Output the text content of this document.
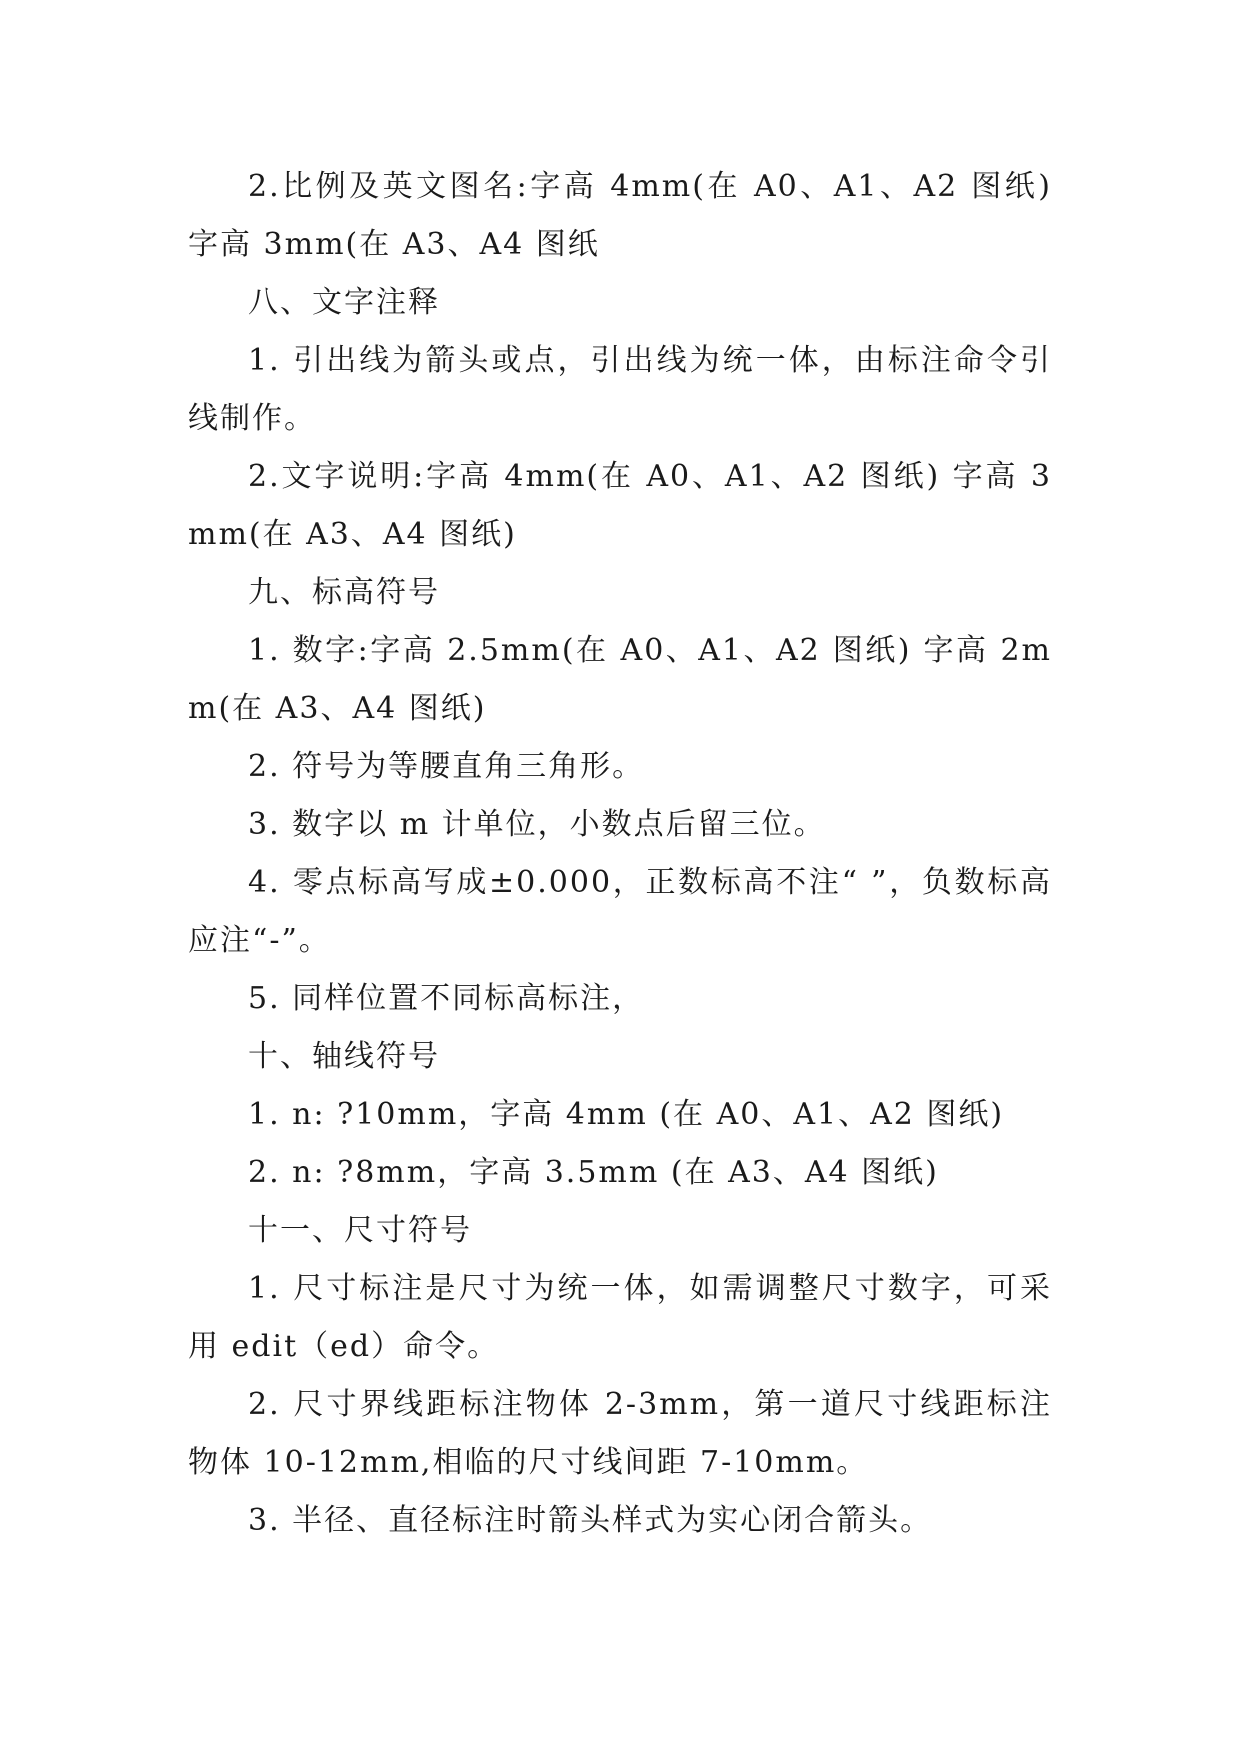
2.比例及英文图名:字高 4mm(在 A0、A1、A2 图纸) 字高 3mm(在 A3、A4 图纸

八、文字注释

1. 引出线为箭头或点，引出线为统一体，由标注命令引线制作。

2.文字说明:字高 4mm(在 A0、A1、A2 图纸) 字高 3mm(在 A3、A4 图纸)

九、标高符号

1. 数字:字高 2.5mm(在 A0、A1、A2 图纸) 字高 2mm(在 A3、A4 图纸)

2. 符号为等腰直角三角形。

3. 数字以 m 计单位，小数点后留三位。

4. 零点标高写成±0.000，正数标高不注“ ”，负数标高应注“-”。

5. 同样位置不同标高标注，

十、轴线符号

1. n: ?10mm，字高 4mm (在 A0、A1、A2 图纸)

2. n: ?8mm，字高 3.5mm (在 A3、A4 图纸)

十一、尺寸符号

1. 尺寸标注是尺寸为统一体，如需调整尺寸数字，可采用 edit（ed）命令。

2. 尺寸界线距标注物体 2-3mm，第一道尺寸线距标注物体 10-12mm,相临的尺寸线间距 7-10mm。

3. 半径、直径标注时箭头样式为实心闭合箭头。
